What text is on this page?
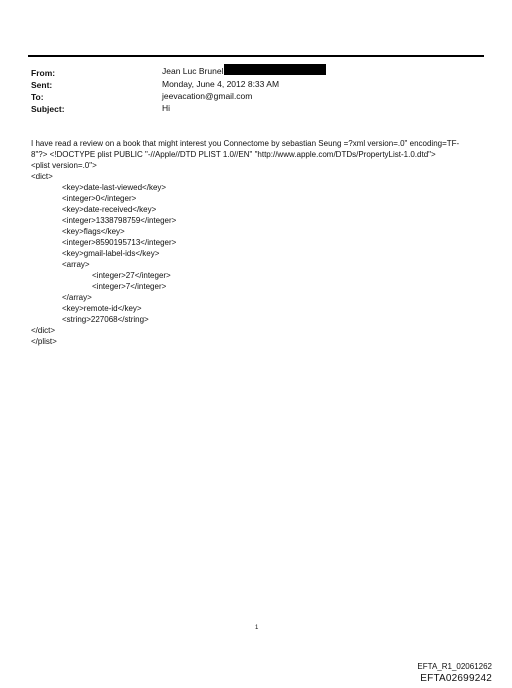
From:	Jean Luc Brunel
Sent:	Monday, June 4, 2012 8:33 AM
To:	jeevacation@gmail.com
Subject:	Hi
I have read a review on a book that might interest you Connectome by sebastian Seung =?xml version=.0" encoding=TF-
8"?> <!DOCTYPE plist PUBLIC "-//Apple//DTD PLIST 1.0//EN" "http://www.apple.com/DTDs/PropertyList-1.0.dtd">
<plist version=.0">
<dict>
<key>date-last-viewed</key>
<integer>0</integer>
<key>date-received</key>
<integer>1338798759</integer>
<key>flags</key>
<integer>8590195713</integer>
<key>gmail-label-ids</key>
<array>
<integer>27</integer>
<integer>7</integer>
</array>
<key>remote-id</key>
<string>227068</string>
</dict>
</plist>
1
EFTA_R1_02061262
EFTA02699242
